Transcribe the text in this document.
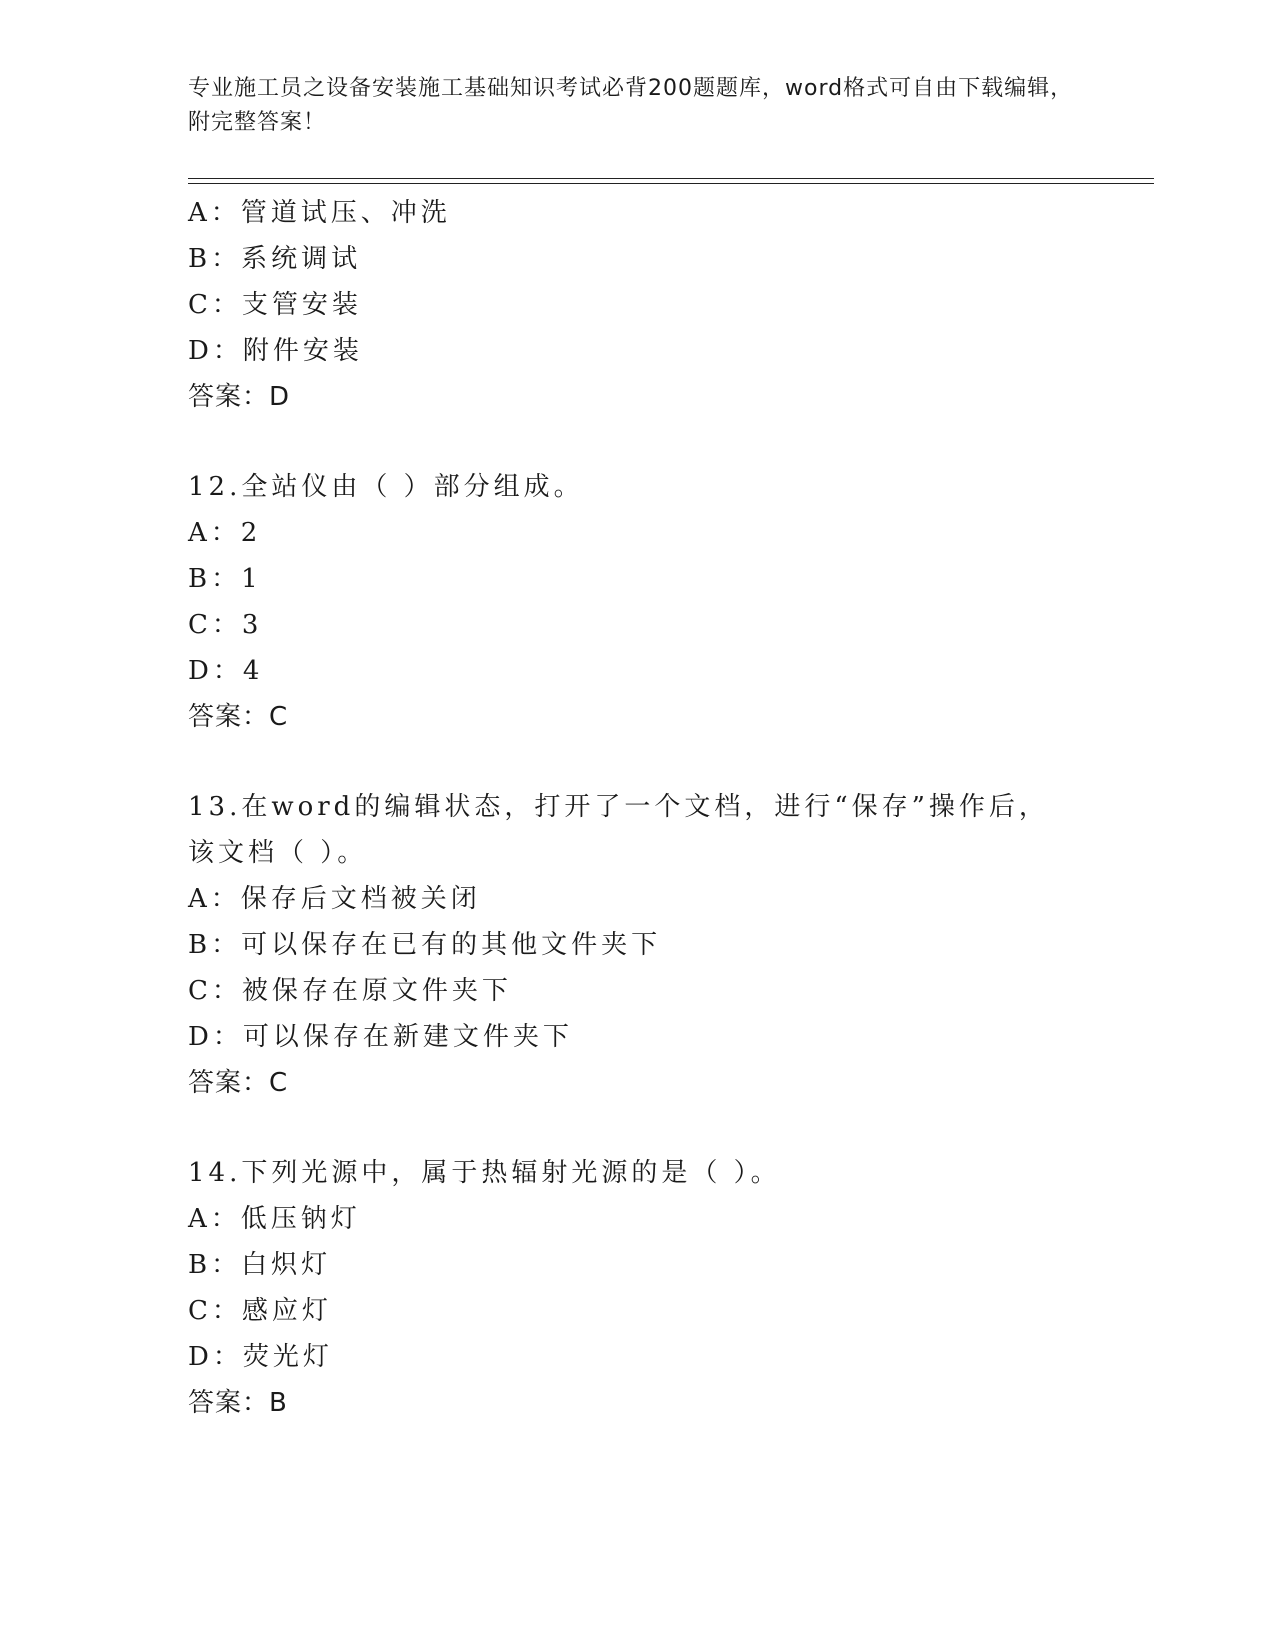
专业施工员之设备安装施工基础知识考试必背200题题库，word格式可自由下载编辑，附完整答案！
A：管道试压、冲洗
B：系统调试
C：支管安装
D：附件安装
答案：D
12.全站仪由（ ）部分组成。
A：2
B：1
C：3
D：4
答案：C
13.在word的编辑状态，打开了一个文档，进行“保存”操作后，该文档（ ）。
A：保存后文档被关闭
B：可以保存在已有的其他文件夹下
C：被保存在原文件夹下
D：可以保存在新建文件夹下
答案：C
14.下列光源中，属于热辐射光源的是（ ）。
A：低压钠灯
B：白炽灯
C：感应灯
D：荧光灯
答案：B
